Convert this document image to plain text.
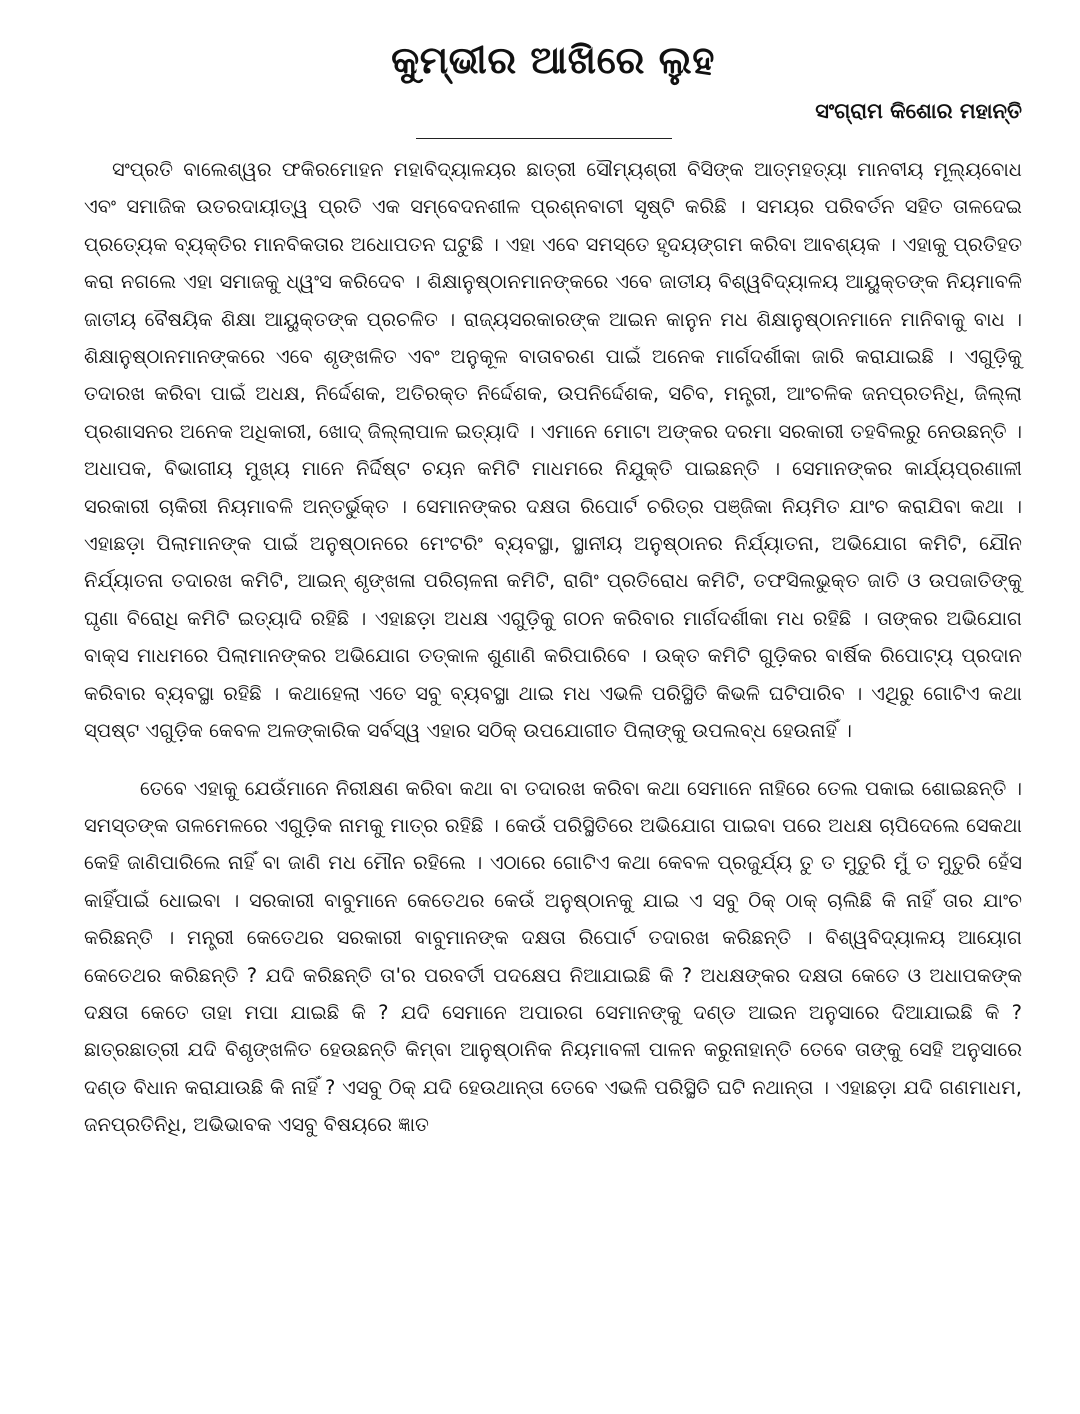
କୁମ୍ଭୀର ଆଖିରେ ଲୁହ
ସଂଗ୍ରାମ କିଶୋର ମହାନ୍ତି

ସଂପ୍ରତି ବାଲେଶ୍ୱର ଫକିରମୋହନ ମହାବିଦ୍ୟାଳୟର ଛାତ୍ରୀ ସୌମ୍ୟଶ୍ରୀ ବିସିଙ୍କ ଆତ୍ମହତ୍ୟା ମାନବୀୟ ମୂଲ୍ୟବୋଧ ଏବଂ ସମାଜିକ ଉତରଦାୟୀତ୍ୱ ପ୍ରତି ଏକ ସମ୍ବେଦନଶୀଳ ପ୍ରଶ୍ନବାଚୀ ସୃଷ୍ଟି କରିଛି । ସମୟର ପରିବର୍ତନ ସହିତ ତାଳଦେଇ ପ୍ରତ୍ୟେକ ବ୍ୟକ୍ତିର ମାନବିକତାର ଅଧୋପତନ ଘଟୁଛି । ଏହା ଏବେ ସମସ୍ତେ ହୃଦୟଙ୍ଗମ କରିବା ଆବଶ୍ୟକ । ଏହାକୁ ପ୍ରତିହତ କରା ନଗଲେ ଏହା ସମାଜକୁ ଧ୍ୱଂସ କରିଦେବ । ଶିକ୍ଷାନୁଷ୍ଠାନମାନଙ୍କରେ ଏବେ ଜାତୀୟ ବିଶ୍ୱବିଦ୍ୟାଳୟ ଆୟୁକ୍ତଙ୍କ ନିୟମାବଳି ଜାତୀୟ ବୈଷୟିକ ଶିକ୍ଷା ଆୟୁକ୍ତଙ୍କ ପ୍ରଚଳିତ । ରାଜ୍ୟସରକାରଙ୍କ ଆଇନ କାନୁନ ମଧ ଶିକ୍ଷାନୁଷ୍ଠାନମାନେ ମାନିବାକୁ ବାଧ । ଶିକ୍ଷାନୁଷ୍ଠାନମାନଙ୍କରେ ଏବେ ଶୃଙ୍ଖଳିତ ଏବଂ ଅନୁକୂଳ ବାତାବରଣ ପାଇଁ ଅନେକ ମାର୍ଗଦର୍ଶୀକା ଜାରି କରାଯାଇଛି । ଏଗୁଡ଼ିକୁ ତଦାରଖ କରିବା ପାଇଁ ଅଧକ୍ଷ, ନିର୍ଦ୍ଦେଶକ, ଅତିରକ୍ତ ନିର୍ଦ୍ଦେଶକ, ଉପନିର୍ଦ୍ଦେଶକ, ସଚିବ, ମନ୍ତ୍ରୀ, ଆଂଚଳିକ ଜନପ୍ରତନିଧି, ଜିଲ୍ଲା ପ୍ରଶାସନର ଅନେକ ଅଧିକାରୀ, ଖୋଦ୍ ଜିଲ୍ଲାପାଳ ଇତ୍ୟାଦି । ଏମାନେ ମୋଟା ଅଙ୍କର ଦରମା ସରକାରୀ ତହବିଲରୁ ନେଉଛନ୍ତି । ଅଧାପକ, ବିଭାଗୀୟ ମୁଖ୍ୟ ମାନେ ନିର୍ଦ୍ଦିଷ୍ଟ ଚୟନ କମିଟି ମାଧମରେ ନିଯୁକ୍ତି ପାଇଛନ୍ତି । ସେମାନଙ୍କର କାର୍ଯ୍ୟପ୍ରଣାଳୀ ସରକାରୀ ଚାକିରୀ ନିୟମାବଳି ଅନ୍ତର୍ଭୁକ୍ତ । ସେମାନଙ୍କର ଦକ୍ଷତା ରିପୋର୍ଟ ଚରିତ୍ର ପଞ୍ଜିକା ନିୟମିତ ଯାଂଚ କରାଯିବା କଥା । ଏହାଛଡ଼ା ପିଲାମାନଙ୍କ ପାଇଁ ଅନୁଷ୍ଠାନରେ ମେଂଟରିଂ ବ୍ୟବସ୍ଥା, ସ୍ଥାନୀୟ ଅନୁଷ୍ଠାନର ନିର୍ଯ୍ୟାତନା, ଅଭିଯୋଗ କମିଟି, ଯୌନ ନିର୍ଯ୍ୟାତନା ତଦାରଖ କମିଟି, ଆଇନ୍ ଶୃଙ୍ଖଳା ପରିଚାଳନା କମିଟି, ରାଗିଂ ପ୍ରତିରୋଧ କମିଟି, ତଫସିଲଭୁକ୍ତ ଜାତି ଓ ଉପଜାତିଙ୍କୁ ଘୃଣା ବିରୋଧି କମିଟି ଇତ୍ୟାଦି ରହିଛି । ଏହାଛଡ଼ା ଅଧକ୍ଷ ଏଗୁଡ଼ିକୁ ଗଠନ କରିବାର ମାର୍ଗଦର୍ଶୀକା ମଧ ରହିଛି । ତାଙ୍କର ଅଭିଯୋଗ ବାକ୍ସ ମାଧମରେ ପିଲାମାନଙ୍କର ଅଭିଯୋଗ ତତ୍କାଳ ଶୁଣାଣି କରିପାରିବେ । ଉକ୍ତ କମିଟି ଗୁଡ଼ିକର ବାର୍ଷିକ ରିପୋଟ୍ୟ ପ୍ରଦାନ କରିବାର ବ୍ୟବସ୍ଥା ରହିଛି । କଥାହେଲା ଏତେ ସବୁ ବ୍ୟବସ୍ଥା ଥାଇ ମଧ ଏଭଳି ପରିସ୍ଥିତି କିଭଳି ଘଟିପାରିବ । ଏଥିରୁ ଗୋଟିଏ କଥା ସ୍ପଷ୍ଟ ଏଗୁଡ଼ିକ କେବଳ ଅଳଙ୍କାରିକ ସର୍ବସ୍ୱ ଏହାର ସଠିକ୍ ଉପଯୋଗୀତ ପିଲାଙ୍କୁ ଉପଲବ୍ଧ ହେଉନାହିଁ ।

ତେବେ ଏହାକୁ ଯେଉଁମାନେ ନିରୀକ୍ଷଣ କରିବା କଥା ବା ତଦାରଖ କରିବା କଥା ସେମାନେ ନାହିରେ ତେଲ ପକାଇ ଶୋଇଛନ୍ତି । ସମସ୍ତଙ୍କ ତାଳମେଳରେ ଏଗୁଡ଼ିକ ନାମକୁ ମାତ୍ର ରହିଛି । କେଉଁ ପରିସ୍ଥିତିରେ ଅଭିଯୋଗ ପାଇବା ପରେ ଅଧକ୍ଷ ଚାପିଦେଲେ ସେକଥା କେହି ଜାଣିପାରିଲେ ନାହିଁ ବା ଜାଣି ମଧ ମୌନ ରହିଲେ । ଏଠାରେ ଗୋଟିଏ କଥା କେବଳ ପ୍ରଜୁର୍ଯ୍ୟ ତୁ ତ ମୁତୁରି ମୁଁ ତ ମୁତୁରି ହେଁସ କାହିଁପାଇଁ ଧୋଇବା । ସରକାରୀ ବାବୁମାନେ କେତେଥର କେଉଁ ଅନୁଷ୍ଠାନକୁ ଯାଇ ଏ ସବୁ ଠିକ୍ ଠାକ୍ ଚାଲିଛି କି ନାହିଁ ତାର ଯାଂଚ କରିଛନ୍ତି । ମନ୍ତ୍ରୀ କେତେଥର ସରକାରୀ ବାବୁମାନଙ୍କ ଦକ୍ଷତା ରିପୋର୍ଟ ତଦାରଖ କରିଛନ୍ତି । ବିଶ୍ୱବିଦ୍ୟାଳୟ ଆୟୋଗ କେତେଥର କରିଛନ୍ତି ? ଯଦି କରିଛନ୍ତି ତା'ର ପରବର୍ତୀ ପଦକ୍ଷେପ ନିଆଯାଇଛି କି ? ଅଧକ୍ଷଙ୍କର ଦକ୍ଷତା କେତେ ଓ ଅଧାପକଙ୍କ ଦକ୍ଷତା କେତେ ତାହା ମପା ଯାଇଛି କି ? ଯଦି ସେମାନେ ଅପାରଗ ସେମାନଙ୍କୁ ଦଣ୍ଡ ଆଇନ ଅନୁସାରେ ଦିଆଯାଇଛି କି ? ଛାତ୍ରଛାତ୍ରୀ ଯଦି ବିଶୃଙ୍ଖଳିତ ହେଉଛନ୍ତି କିମ୍ବା ଆନୁଷ୍ଠାନିକ ନିୟମାବଳୀ ପାଳନ କରୁନାହାନ୍ତି ତେବେ ତାଙ୍କୁ ସେହି ଅନୁସାରେ ଦଣ୍ଡ ବିଧାନ କରାଯାଉଛି କି ନାହିଁ ? ଏସବୁ ଠିକ୍ ଯଦି ହେଉଥାନ୍ତା ତେବେ ଏଭଳି ପରିସ୍ଥିତି ଘଟି ନଥାନ୍ତା । ଏହାଛଡ଼ା ଯଦି ଗଣମାଧମ, ଜନପ୍ରତିନିଧି, ଅଭିଭାବକ ଏସବୁ ବିଷୟରେ ଜ୍ଞାତ
